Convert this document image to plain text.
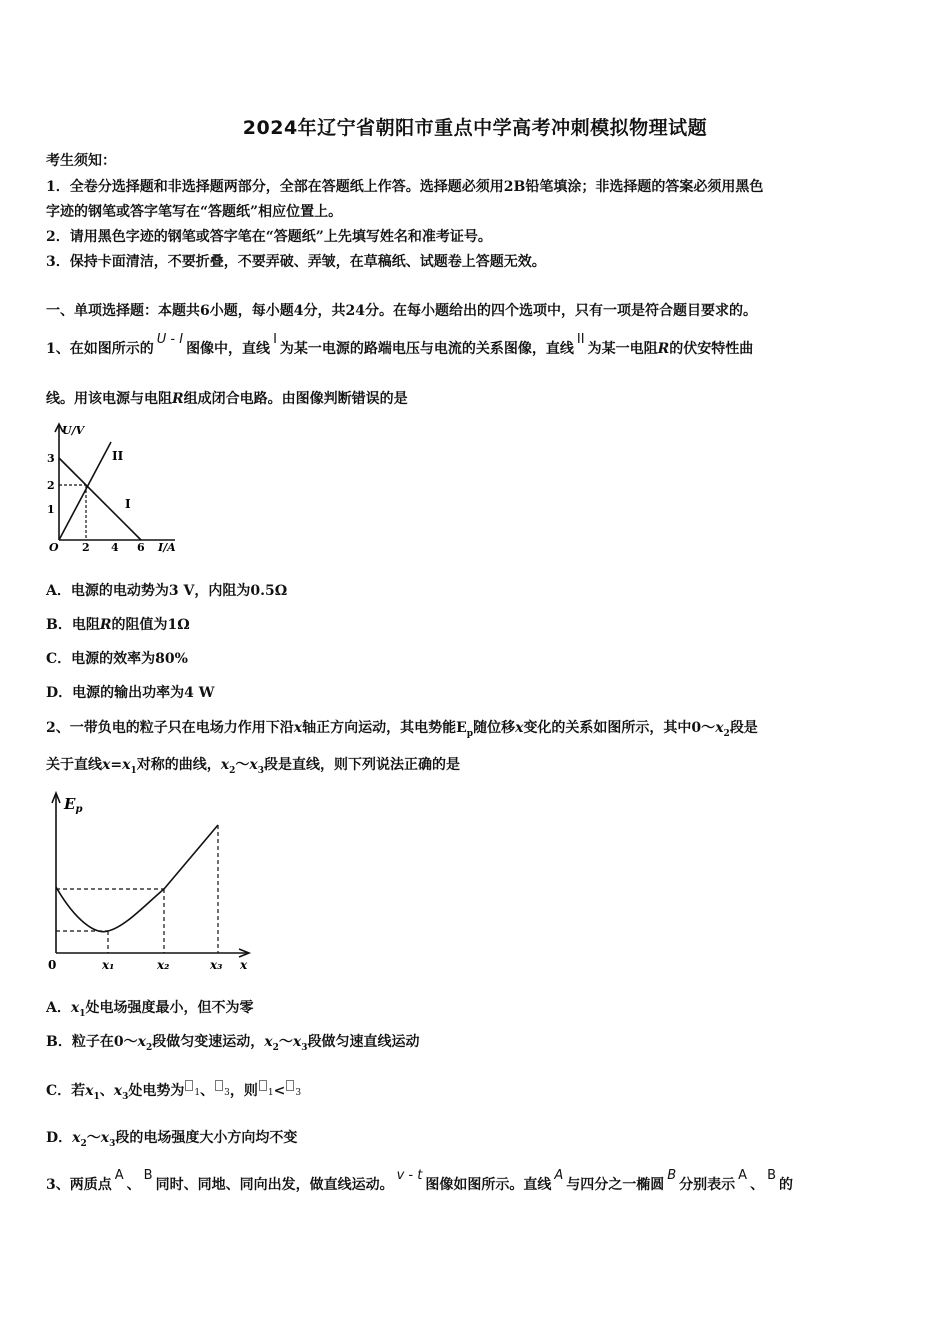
2024年辽宁省朝阳市重点中学高考冲刺模拟物理试题
考生须知：
1．全卷分选择题和非选择题两部分，全部在答题纸上作答。选择题必须用2B铅笔填涂；非选择题的答案必须用黑色
字迹的钢笔或答字笔写在“答题纸”相应位置上。
2．请用黑色字迹的钢笔或答字笔在“答题纸”上先填写姓名和准考证号。
3．保持卡面清洁，不要折叠，不要弄破、弄皱，在草稿纸、试题卷上答题无效。
一、单项选择题：本题共6小题，每小题4分，共24分。在每小题给出的四个选项中，只有一项是符合题目要求的。
1、在如图所示的U - I图像中，直线I为某一电源的路端电压与电流的关系图像，直线II为某一电阻R的伏安特性曲
线。用该电源与电阻R组成闭合电路。由图像判断错误的是
U/V
3
2
1
O 2 4 6 I/A
II
I
A．电源的电动势为3 V，内阻为0.5Ω
B．电阻R的阻值为1Ω
C．电源的效率为80%
D．电源的输出功率为4 W
2、一带负电的粒子只在电场力作用下沿x轴正方向运动，其电势能$E_p$随位移x变化的关系如图所示，其中$0\sim x_2$段是
关于直线$x=x_1$对称的曲线，$x_2\sim x_3$段是直线，则下列说法正确的是
$E_p$
0	x₁	x₂	x₃ x
A．$x_1$处电场强度最小，但不为零
B．粒子在$0\sim x_2$段做匀变速运动，$x_2\sim x_3$段做匀速直线运动
C．若$x_1$、$x_3$处电势为 1、 3，则 1< 3
D．$x_2\sim x_3$段的电场强度大小方向均不变
3、两质点A、B同时、同地、同向出发，做直线运动。v - t图像如图所示。直线A与四分之一椭圆B分别表示A、B的
